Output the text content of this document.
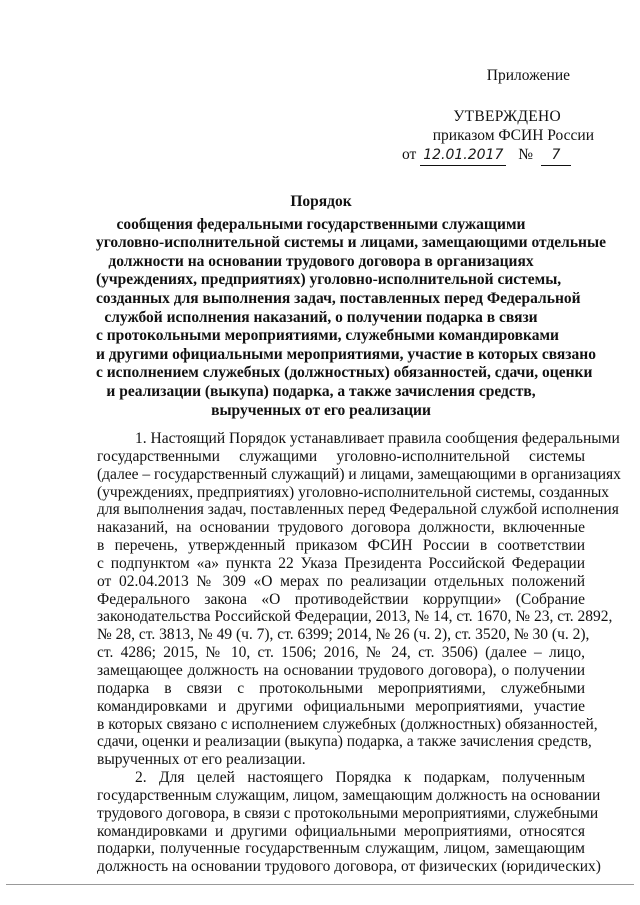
Приложение
УТВЕРЖДЕНО
приказом ФСИН России
от 12.01.2017 № 7
Порядок
сообщения федеральными государственными служащими
уголовно-исполнительной системы и лицами, замещающими отдельные
должности на основании трудового договора в организациях
(учреждениях, предприятиях) уголовно-исполнительной системы,
созданных для выполнения задач, поставленных перед Федеральной
службой исполнения наказаний, о получении подарка в связи
с протокольными мероприятиями, служебными командировками
и другими официальными мероприятиями, участие в которых связано
с исполнением служебных (должностных) обязанностей, сдачи, оценки
и реализации (выкупа) подарка, а также зачисления средств,
вырученных от его реализации
1. Настоящий Порядок устанавливает правила сообщения федеральными
государственными служащими уголовно-исполнительной системы
(далее – государственный служащий) и лицами, замещающими в организациях
(учреждениях, предприятиях) уголовно-исполнительной системы, созданных
для выполнения задач, поставленных перед Федеральной службой исполнения
наказаний, на основании трудового договора должности, включенные
в перечень, утвержденный приказом ФСИН России в соответствии
с подпунктом «а» пункта 22 Указа Президента Российской Федерации
от 02.04.2013 № 309 «О мерах по реализации отдельных положений
Федерального закона «О противодействии коррупции» (Собрание
законодательства Российской Федерации, 2013, № 14, ст. 1670, № 23, ст. 2892,
№ 28, ст. 3813, № 49 (ч. 7), ст. 6399; 2014, № 26 (ч. 2), ст. 3520, № 30 (ч. 2),
ст. 4286; 2015, № 10, ст. 1506; 2016, № 24, ст. 3506) (далее – лицо,
замещающее должность на основании трудового договора), о получении
подарка в связи с протокольными мероприятиями, служебными
командировками и другими официальными мероприятиями, участие
в которых связано с исполнением служебных (должностных) обязанностей,
сдачи, оценки и реализации (выкупа) подарка, а также зачисления средств,
вырученных от его реализации.
2. Для целей настоящего Порядка к подаркам, полученным
государственным служащим, лицом, замещающим должность на основании
трудового договора, в связи с протокольными мероприятиями, служебными
командировками и другими официальными мероприятиями, относятся
подарки, полученные государственным служащим, лицом, замещающим
должность на основании трудового договора, от физических (юридических)
